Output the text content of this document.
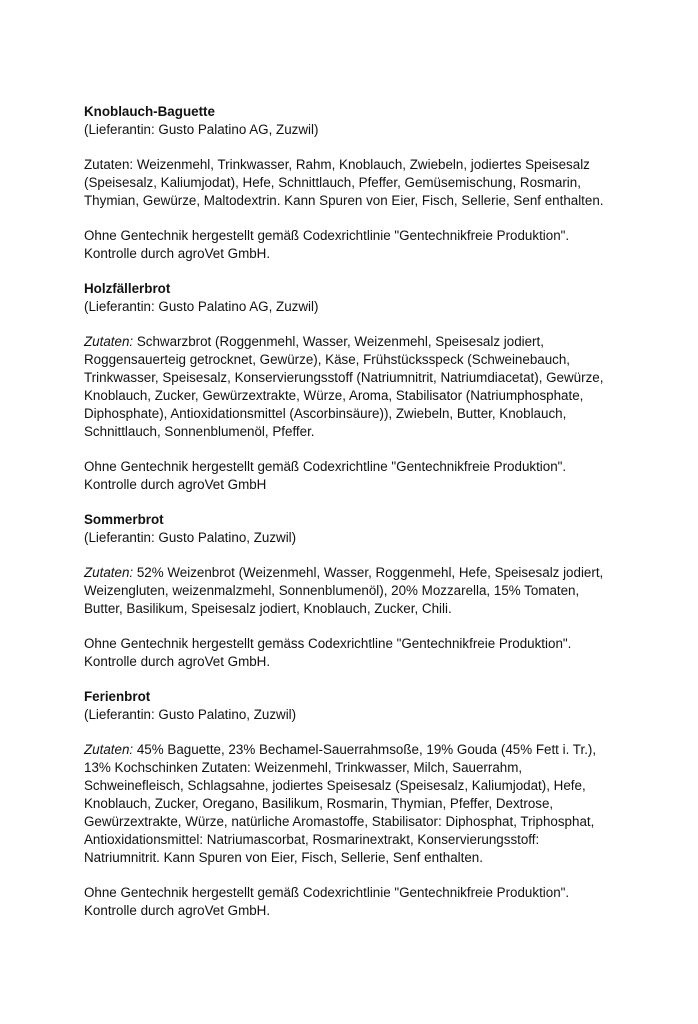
Knoblauch-Baguette

(Lieferantin: Gusto Palatino AG, Zuzwil)

Zutaten: Weizenmehl, Trinkwasser, Rahm, Knoblauch, Zwiebeln, jodiertes Speisesalz

(Speisesalz, Kaliumjodat), Hefe, Schnittlauch, Pfeffer, Gemüsemischung, Rosmarin,

Thymian, Gewürze, Maltodextrin. Kann Spuren von Eier, Fisch, Sellerie, Senf enthalten.

Ohne Gentechnik hergestellt gemäß Codexrichtlinie "Gentechnikfreie Produktion".

Kontrolle durch agroVet GmbH.

Holzfällerbrot

(Lieferantin: Gusto Palatino AG, Zuzwil)

Zutaten: Schwarzbrot (Roggenmehl, Wasser, Weizenmehl, Speisesalz jodiert,

Roggensauerteig getrocknet, Gewürze), Käse, Frühstücksspeck (Schweinebauch,

Trinkwasser, Speisesalz, Konservierungsstoff (Natriumnitrit, Natriumdiacetat), Gewürze,

Knoblauch, Zucker, Gewürzextrakte, Würze, Aroma, Stabilisator (Natriumphosphate,

Diphosphate), Antioxidationsmittel (Ascorbinsäure)), Zwiebeln, Butter, Knoblauch,

Schnittlauch, Sonnenblumenöl, Pfeffer.

Ohne Gentechnik hergestellt gemäß Codexrichtline "Gentechnikfreie Produktion".

Kontrolle durch agroVet GmbH

Sommerbrot

(Lieferantin: Gusto Palatino, Zuzwil)

Zutaten: 52% Weizenbrot (Weizenmehl, Wasser, Roggenmehl, Hefe, Speisesalz jodiert,

Weizengluten, weizenmalzmehl, Sonnenblumenöl), 20% Mozzarella, 15% Tomaten,

Butter, Basilikum, Speisesalz jodiert, Knoblauch, Zucker, Chili.

Ohne Gentechnik hergestellt gemäss Codexrichtline "Gentechnikfreie Produktion".

Kontrolle durch agroVet GmbH.

Ferienbrot

(Lieferantin: Gusto Palatino, Zuzwil)

Zutaten: 45% Baguette, 23% Bechamel-Sauerrahmsoße, 19% Gouda (45% Fett i. Tr.),

13% Kochschinken Zutaten: Weizenmehl, Trinkwasser, Milch, Sauerrahm,

Schweinefleisch, Schlagsahne, jodiertes Speisesalz (Speisesalz, Kaliumjodat), Hefe,

Knoblauch, Zucker, Oregano, Basilikum, Rosmarin, Thymian, Pfeffer, Dextrose,

Gewürzextrakte, Würze, natürliche Aromastoffe, Stabilisator: Diphosphat, Triphosphat,

Antioxidationsmittel: Natriumascorbat, Rosmarinextrakt, Konservierungsstoff:

Natriumnitrit. Kann Spuren von Eier, Fisch, Sellerie, Senf enthalten.

Ohne Gentechnik hergestellt gemäß Codexrichtlinie "Gentechnikfreie Produktion".

Kontrolle durch agroVet GmbH.
